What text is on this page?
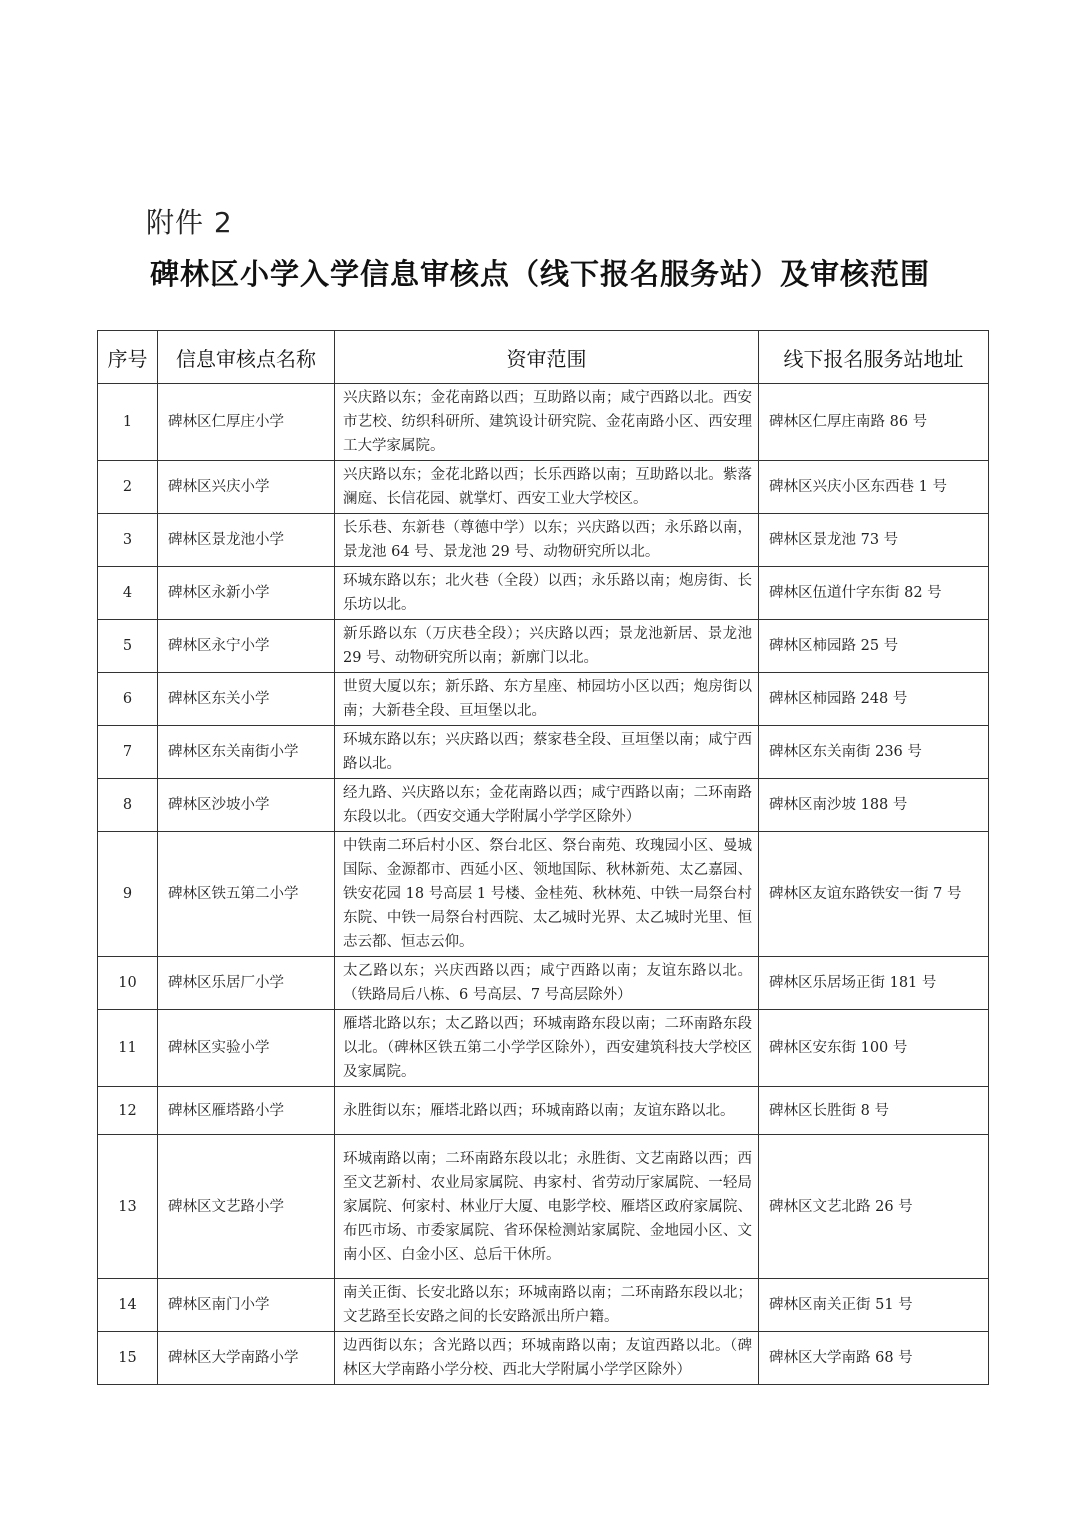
附件 2
碑林区小学入学信息审核点（线下报名服务站）及审核范围
序号	信息审核点名称	资审范围	线下报名服务站地址
1	碑林区仁厚庄小学	兴庆路以东；金花南路以西；互助路以南；咸宁西路以北。西安市艺校、纺织科研所、建筑设计研究院、金花南路小区、西安理工大学家属院。	碑林区仁厚庄南路 86 号
2	碑林区兴庆小学	兴庆路以东；金花北路以西；长乐西路以南；互助路以北。紫落澜庭、长信花园、就掌灯、西安工业大学校区。	碑林区兴庆小区东西巷 1 号
3	碑林区景龙池小学	长乐巷、东新巷（尊德中学）以东；兴庆路以西；永乐路以南，景龙池 64 号、景龙池 29 号、动物研究所以北。	碑林区景龙池 73 号
4	碑林区永新小学	环城东路以东；北火巷（全段）以西；永乐路以南；炮房街、长乐坊以北。	碑林区伍道什字东街 82 号
5	碑林区永宁小学	新乐路以东（万庆巷全段）；兴庆路以西；景龙池新居、景龙池 29 号、动物研究所以南；新廓门以北。	碑林区柿园路 25 号
6	碑林区东关小学	世贸大厦以东；新乐路、东方星座、柿园坊小区以西；炮房街以南；大新巷全段、亘垣堡以北。	碑林区柿园路 248 号
7	碑林区东关南街小学	环城东路以东；兴庆路以西；蔡家巷全段、亘垣堡以南；咸宁西路以北。	碑林区东关南街 236 号
8	碑林区沙坡小学	经九路、兴庆路以东；金花南路以西；咸宁西路以南；二环南路东段以北。（西安交通大学附属小学学区除外）	碑林区南沙坡 188 号
9	碑林区铁五第二小学	中铁南二环后村小区、祭台北区、祭台南苑、玫瑰园小区、曼城国际、金源都市、西延小区、领地国际、秋林新苑、太乙嘉园、铁安花园 18 号高层 1 号楼、金桂苑、秋林苑、中铁一局祭台村东院、中铁一局祭台村西院、太乙城时光界、太乙城时光里、恒志云都、恒志云仰。	碑林区友谊东路铁安一街 7 号
10	碑林区乐居厂小学	太乙路以东；兴庆西路以西；咸宁西路以南；友谊东路以北。（铁路局后八栋、6 号高层、7 号高层除外）	碑林区乐居场正街 181 号
11	碑林区实验小学	雁塔北路以东；太乙路以西；环城南路东段以南；二环南路东段以北。（碑林区铁五第二小学学区除外），西安建筑科技大学校区及家属院。	碑林区安东街 100 号
12	碑林区雁塔路小学	永胜街以东；雁塔北路以西；环城南路以南；友谊东路以北。	碑林区长胜街 8 号
13	碑林区文艺路小学	环城南路以南；二环南路东段以北；永胜街、文艺南路以西；西至文艺新村、农业局家属院、冉家村、省劳动厅家属院、一轻局家属院、何家村、林业厅大厦、电影学校、雁塔区政府家属院、布匹市场、市委家属院、省环保检测站家属院、金地园小区、文南小区、白金小区、总后干休所。	碑林区文艺北路 26 号
14	碑林区南门小学	南关正街、长安北路以东；环城南路以南；二环南路东段以北；文艺路至长安路之间的长安路派出所户籍。	碑林区南关正街 51 号
15	碑林区大学南路小学	边西街以东；含光路以西；环城南路以南；友谊西路以北。（碑林区大学南路小学分校、西北大学附属小学学区除外）	碑林区大学南路 68 号
